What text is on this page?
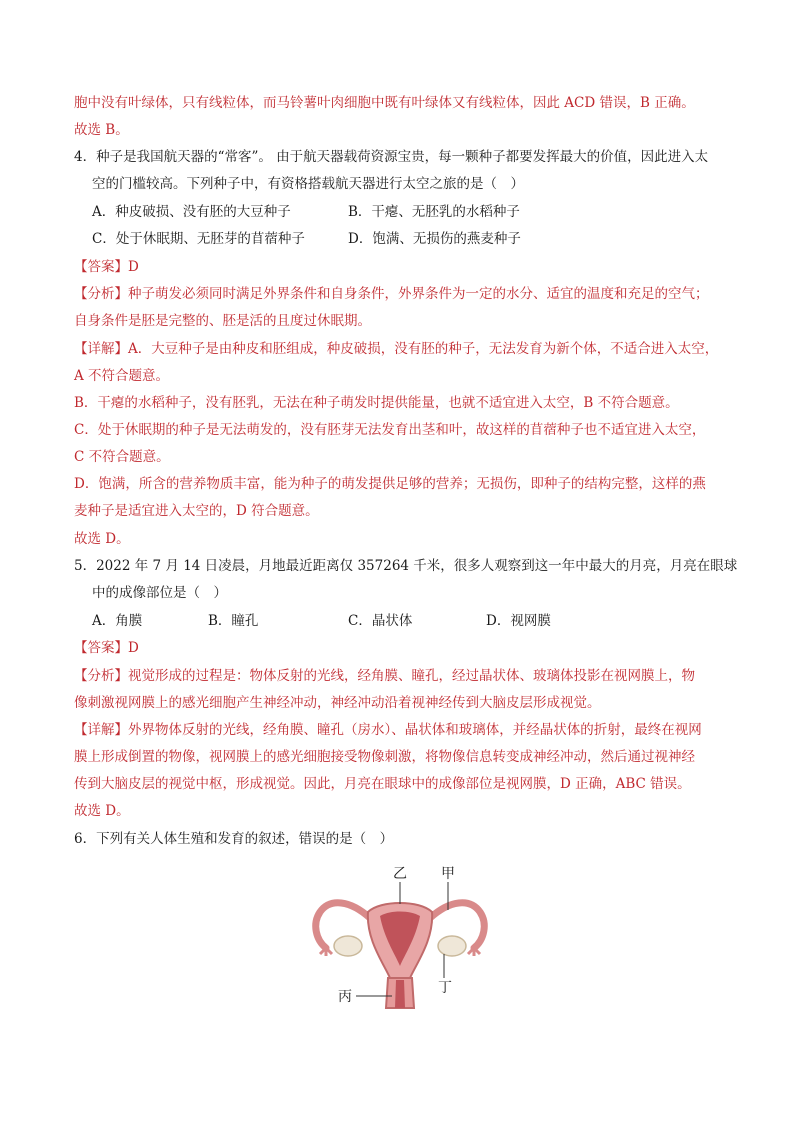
胞中没有叶绿体，只有线粒体，而马铃薯叶肉细胞中既有叶绿体又有线粒体，因此 ACD 错误，B 正确。
故选 B。
4．种子是我国航天器的“常客”。 由于航天器载荷资源宝贵，每一颗种子都要发挥最大的价值，因此进入太
空的门槛较高。下列种子中，有资格搭载航天器进行太空之旅的是（　）
A．种皮破损、没有胚的大豆种子	B．干瘪、无胚乳的水稻种子
C．处于休眠期、无胚芽的苜蓿种子	D．饱满、无损伤的燕麦种子
【答案】D
【分析】种子萌发必须同时满足外界条件和自身条件，外界条件为一定的水分、适宜的温度和充足的空气；
自身条件是胚是完整的、胚是活的且度过休眠期。
【详解】A．大豆种子是由种皮和胚组成，种皮破损，没有胚的种子，无法发育为新个体，不适合进入太空，
A 不符合题意。
B．干瘪的水稻种子，没有胚乳，无法在种子萌发时提供能量，也就不适宜进入太空，B 不符合题意。
C．处于休眠期的种子是无法萌发的，没有胚芽无法发育出茎和叶，故这样的苜蓿种子也不适宜进入太空，
C 不符合题意。
D．饱满，所含的营养物质丰富，能为种子的萌发提供足够的营养；无损伤，即种子的结构完整，这样的燕
麦种子是适宜进入太空的，D 符合题意。
故选 D。
5．2022 年 7 月 14 日凌晨，月地最近距离仅 357264 千米，很多人观察到这一年中最大的月亮，月亮在眼球
中的成像部位是（　）
A．角膜	B．瞳孔	C．晶状体	D．视网膜
【答案】D
【分析】视觉形成的过程是：物体反射的光线，经角膜、瞳孔，经过晶状体、玻璃体投影在视网膜上，物
像刺激视网膜上的感光细胞产生神经冲动，神经冲动沿着视神经传到大脑皮层形成视觉。
【详解】外界物体反射的光线，经角膜、瞳孔（房水）、晶状体和玻璃体，并经晶状体的折射，最终在视网
膜上形成倒置的物像，视网膜上的感光细胞接受物像刺激，将物像信息转变成神经冲动，然后通过视神经
传到大脑皮层的视觉中枢，形成视觉。因此，月亮在眼球中的成像部位是视网膜，D 正确，ABC 错误。
故选 D。
6．下列有关人体生殖和发育的叙述，错误的是（　）
乙 甲
丙
丁
